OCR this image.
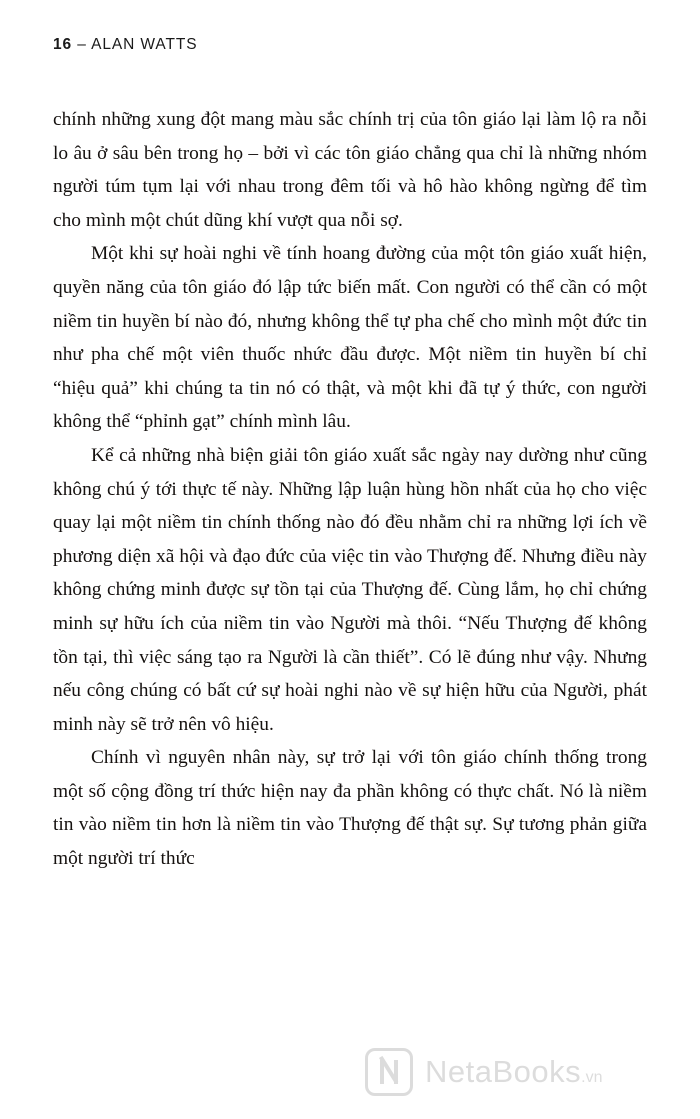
16 – ALAN WATTS

chính những xung đột mang màu sắc chính trị của tôn giáo lại làm lộ ra nỗi lo âu ở sâu bên trong họ – bởi vì các tôn giáo chẳng qua chỉ là những nhóm người túm tụm lại với nhau trong đêm tối và hô hào không ngừng để tìm cho mình một chút dũng khí vượt qua nỗi sợ.

Một khi sự hoài nghi về tính hoang đường của một tôn giáo xuất hiện, quyền năng của tôn giáo đó lập tức biến mất. Con người có thể cần có một niềm tin huyền bí nào đó, nhưng không thể tự pha chế cho mình một đức tin như pha chế một viên thuốc nhức đầu được. Một niềm tin huyền bí chỉ “hiệu quả” khi chúng ta tin nó có thật, và một khi đã tự ý thức, con người không thể “phỉnh gạt” chính mình lâu.

Kể cả những nhà biện giải tôn giáo xuất sắc ngày nay dường như cũng không chú ý tới thực tế này. Những lập luận hùng hồn nhất của họ cho việc quay lại một niềm tin chính thống nào đó đều nhằm chỉ ra những lợi ích về phương diện xã hội và đạo đức của việc tin vào Thượng đế. Nhưng điều này không chứng minh được sự tồn tại của Thượng đế. Cùng lắm, họ chỉ chứng minh sự hữu ích của niềm tin vào Người mà thôi. “Nếu Thượng đế không tồn tại, thì việc sáng tạo ra Người là cần thiết”. Có lẽ đúng như vậy. Nhưng nếu công chúng có bất cứ sự hoài nghi nào về sự hiện hữu của Người, phát minh này sẽ trở nên vô hiệu.

Chính vì nguyên nhân này, sự trở lại với tôn giáo chính thống trong một số cộng đồng trí thức hiện nay đa phần không có thực chất. Nó là niềm tin vào niềm tin hơn là niềm tin vào Thượng đế thật sự. Sự tương phản giữa một người trí thức

NetaBooks.vn
